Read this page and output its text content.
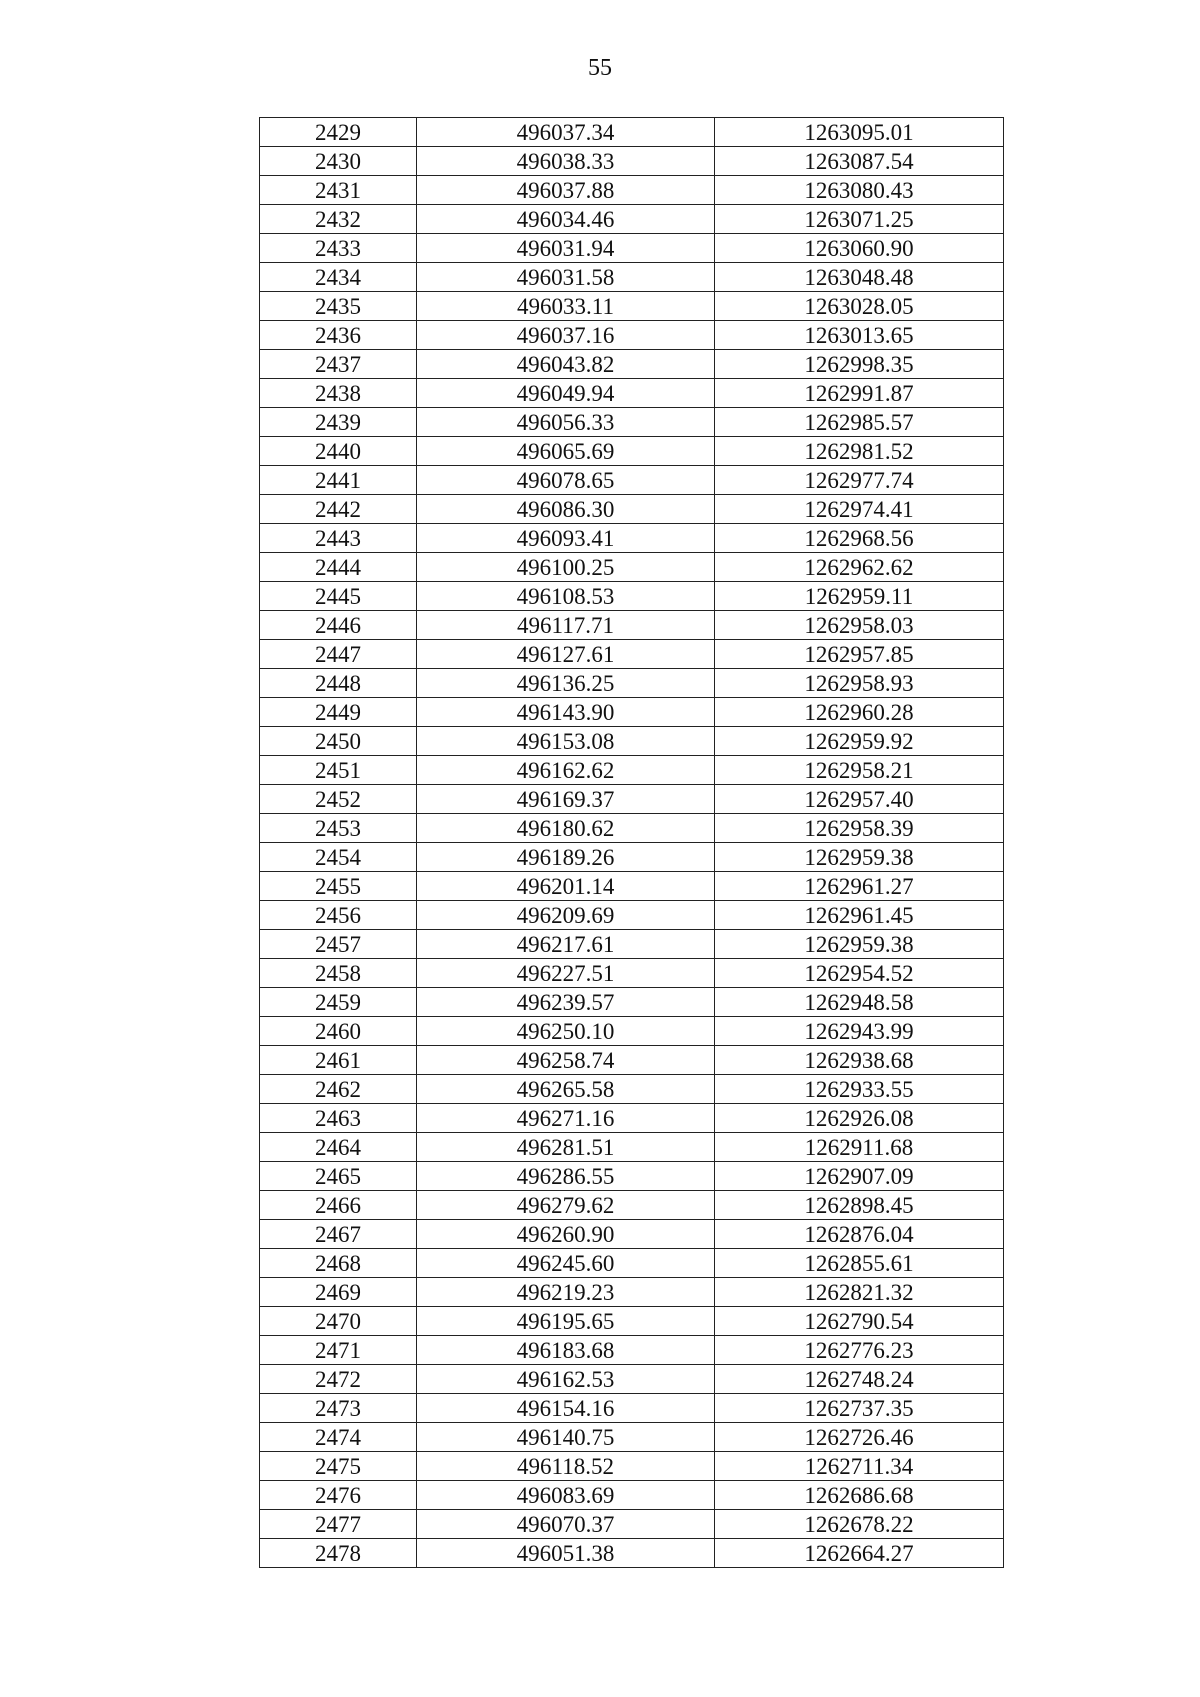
55
2429	496037.34	1263095.01
2430	496038.33	1263087.54
2431	496037.88	1263080.43
2432	496034.46	1263071.25
2433	496031.94	1263060.90
2434	496031.58	1263048.48
2435	496033.11	1263028.05
2436	496037.16	1263013.65
2437	496043.82	1262998.35
2438	496049.94	1262991.87
2439	496056.33	1262985.57
2440	496065.69	1262981.52
2441	496078.65	1262977.74
2442	496086.30	1262974.41
2443	496093.41	1262968.56
2444	496100.25	1262962.62
2445	496108.53	1262959.11
2446	496117.71	1262958.03
2447	496127.61	1262957.85
2448	496136.25	1262958.93
2449	496143.90	1262960.28
2450	496153.08	1262959.92
2451	496162.62	1262958.21
2452	496169.37	1262957.40
2453	496180.62	1262958.39
2454	496189.26	1262959.38
2455	496201.14	1262961.27
2456	496209.69	1262961.45
2457	496217.61	1262959.38
2458	496227.51	1262954.52
2459	496239.57	1262948.58
2460	496250.10	1262943.99
2461	496258.74	1262938.68
2462	496265.58	1262933.55
2463	496271.16	1262926.08
2464	496281.51	1262911.68
2465	496286.55	1262907.09
2466	496279.62	1262898.45
2467	496260.90	1262876.04
2468	496245.60	1262855.61
2469	496219.23	1262821.32
2470	496195.65	1262790.54
2471	496183.68	1262776.23
2472	496162.53	1262748.24
2473	496154.16	1262737.35
2474	496140.75	1262726.46
2475	496118.52	1262711.34
2476	496083.69	1262686.68
2477	496070.37	1262678.22
2478	496051.38	1262664.27
